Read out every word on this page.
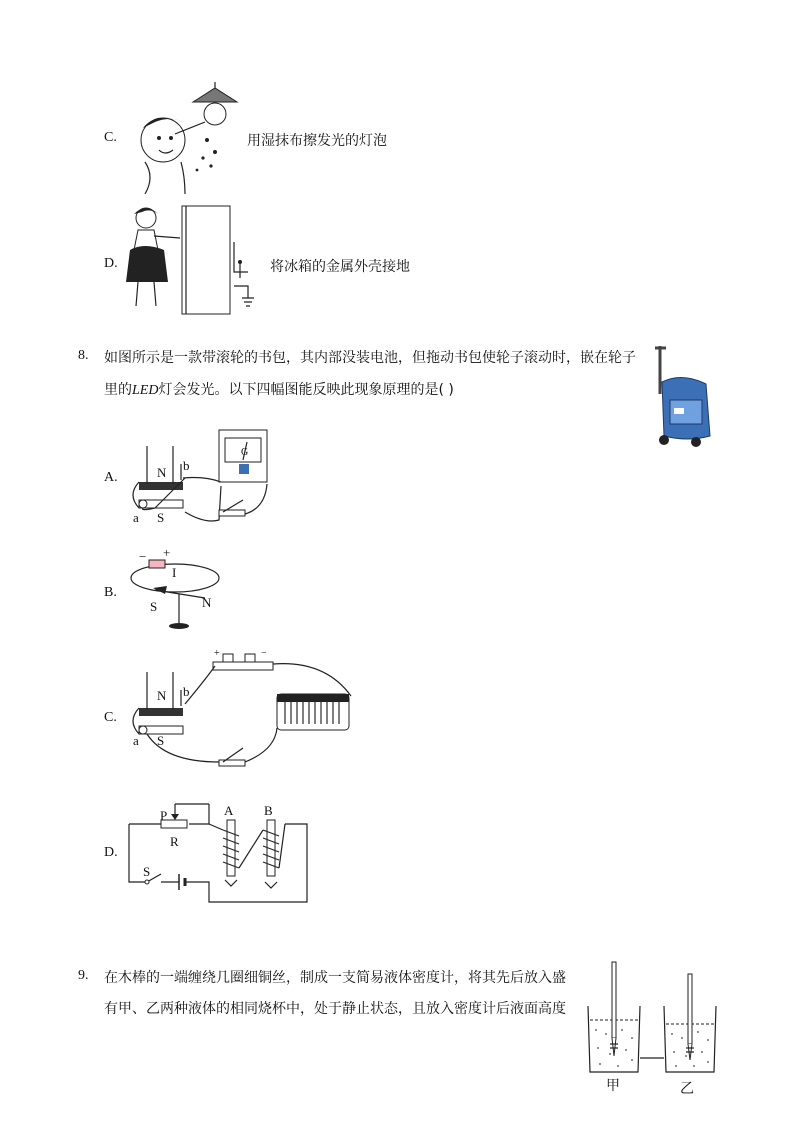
C.	用湿抹布擦发光的灯泡
D.	将冰箱的金属外壳接地
8. 如图所示是一款带滚轮的书包，其内部没装电池，但拖动书包使轮子滚动时，嵌在轮子
里的LED灯会发光。以下四幅图能反映此现象原理的是( )
A.	N b
a S
G
B.
− +
I
S	N
C.
N b
a S
+	−
D.
P
R
S
A B
9. 在木棒的一端缠绕几圈细铜丝，制成一支简易液体密度计，将其先后放入盛
有甲、乙两种液体的相同烧杯中，处于静止状态，且放入密度计后液面高度
甲	乙
